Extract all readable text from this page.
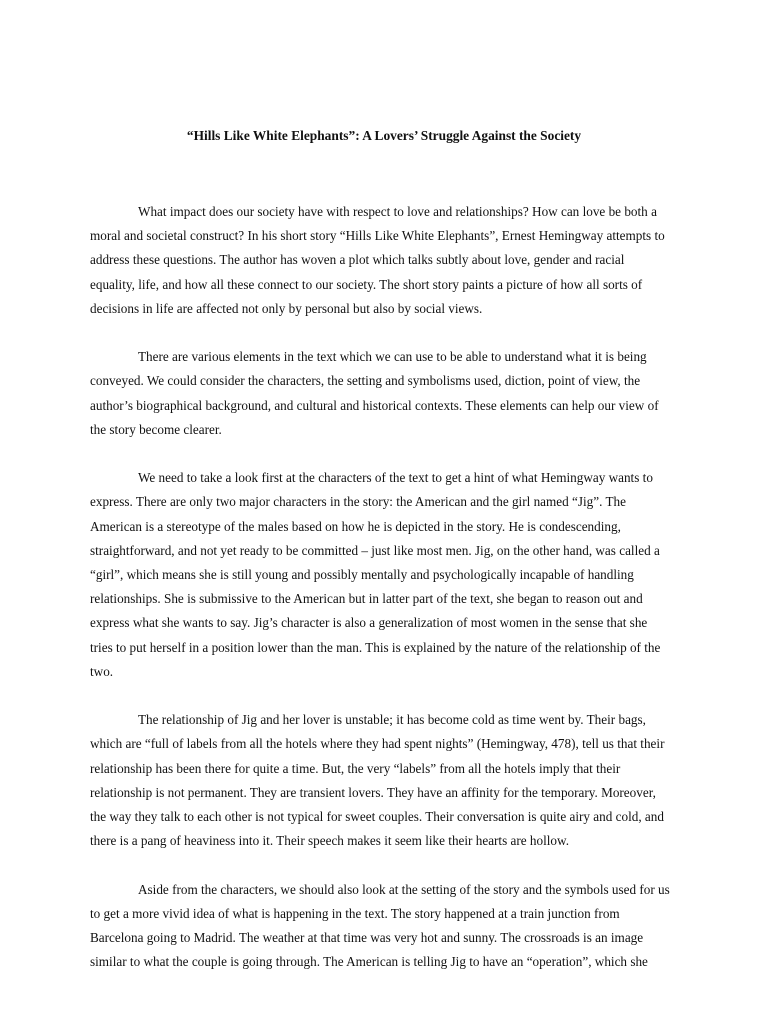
“Hills Like White Elephants”: A Lovers’ Struggle Against the Society

What impact does our society have with respect to love and relationships? How can love be both a moral and societal construct? In his short story “Hills Like White Elephants”, Ernest Hemingway attempts to address these questions. The author has woven a plot which talks subtly about love, gender and racial equality, life, and how all these connect to our society. The short story paints a picture of how all sorts of decisions in life are affected not only by personal but also by social views.

There are various elements in the text which we can use to be able to understand what it is being conveyed. We could consider the characters, the setting and symbolisms used, diction, point of view, the author’s biographical background, and cultural and historical contexts. These elements can help our view of the story become clearer.

We need to take a look first at the characters of the text to get a hint of what Hemingway wants to express. There are only two major characters in the story: the American and the girl named “Jig”. The American is a stereotype of the males based on how he is depicted in the story. He is condescending, straightforward, and not yet ready to be committed – just like most men. Jig, on the other hand, was called a “girl”, which means she is still young and possibly mentally and psychologically incapable of handling relationships. She is submissive to the American but in latter part of the text, she began to reason out and express what she wants to say. Jig’s character is also a generalization of most women in the sense that she tries to put herself in a position lower than the man. This is explained by the nature of the relationship of the two.

The relationship of Jig and her lover is unstable; it has become cold as time went by. Their bags, which are “full of labels from all the hotels where they had spent nights” (Hemingway, 478), tell us that their relationship has been there for quite a time. But, the very “labels” from all the hotels imply that their relationship is not permanent. They are transient lovers. They have an affinity for the temporary. Moreover, the way they talk to each other is not typical for sweet couples. Their conversation is quite airy and cold, and there is a pang of heaviness into it. Their speech makes it seem like their hearts are hollow.

Aside from the characters, we should also look at the setting of the story and the symbols used for us to get a more vivid idea of what is happening in the text. The story happened at a train junction from Barcelona going to Madrid. The weather at that time was very hot and sunny. The crossroads is an image similar to what the couple is going through. The American is telling Jig to have an “operation”, which she
